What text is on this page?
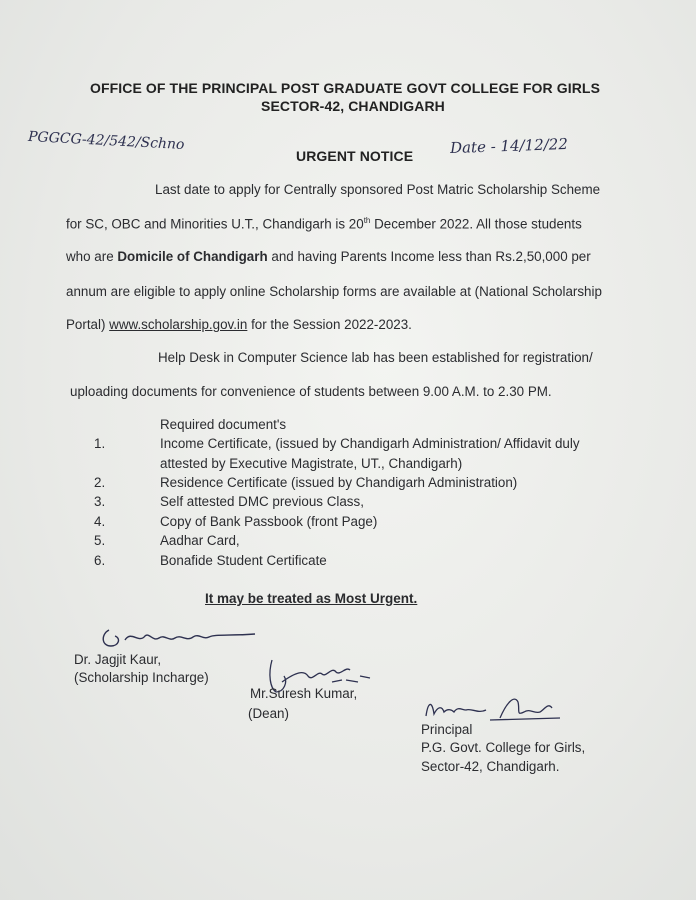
OFFICE OF THE PRINCIPAL POST GRADUATE GOVT COLLEGE FOR GIRLS
SECTOR-42, CHANDIGARH
PGGCG-42/542/Schno	Date - 14/12/22
URGENT NOTICE
Last date to apply for Centrally sponsored Post Matric Scholarship Scheme
for SC, OBC and Minorities U.T., Chandigarh is 20th December 2022. All those students
who are Domicile of Chandigarh and having Parents Income less than Rs.2,50,000 per
annum are eligible to apply online Scholarship forms are available at (National Scholarship
Portal) www.scholarship.gov.in for the Session 2022-2023.
Help Desk in Computer Science lab has been established for registration/
uploading documents for convenience of students between 9.00 A.M. to 2.30 PM.
Required document's
1.	Income Certificate, (issued by Chandigarh Administration/ Affidavit duly
attested by Executive Magistrate, UT., Chandigarh)
2.	Residence Certificate (issued by Chandigarh Administration)
3.	Self attested DMC previous Class,
4.	Copy of Bank Passbook (front Page)
5.	Aadhar Card,
6.	Bonafide Student Certificate
It may be treated as Most Urgent.
Dr. Jagjit Kaur,
(Scholarship Incharge)
Mr.Suresh Kumar,
(Dean)
Principal
P.G. Govt. College for Girls,
Sector-42, Chandigarh.
